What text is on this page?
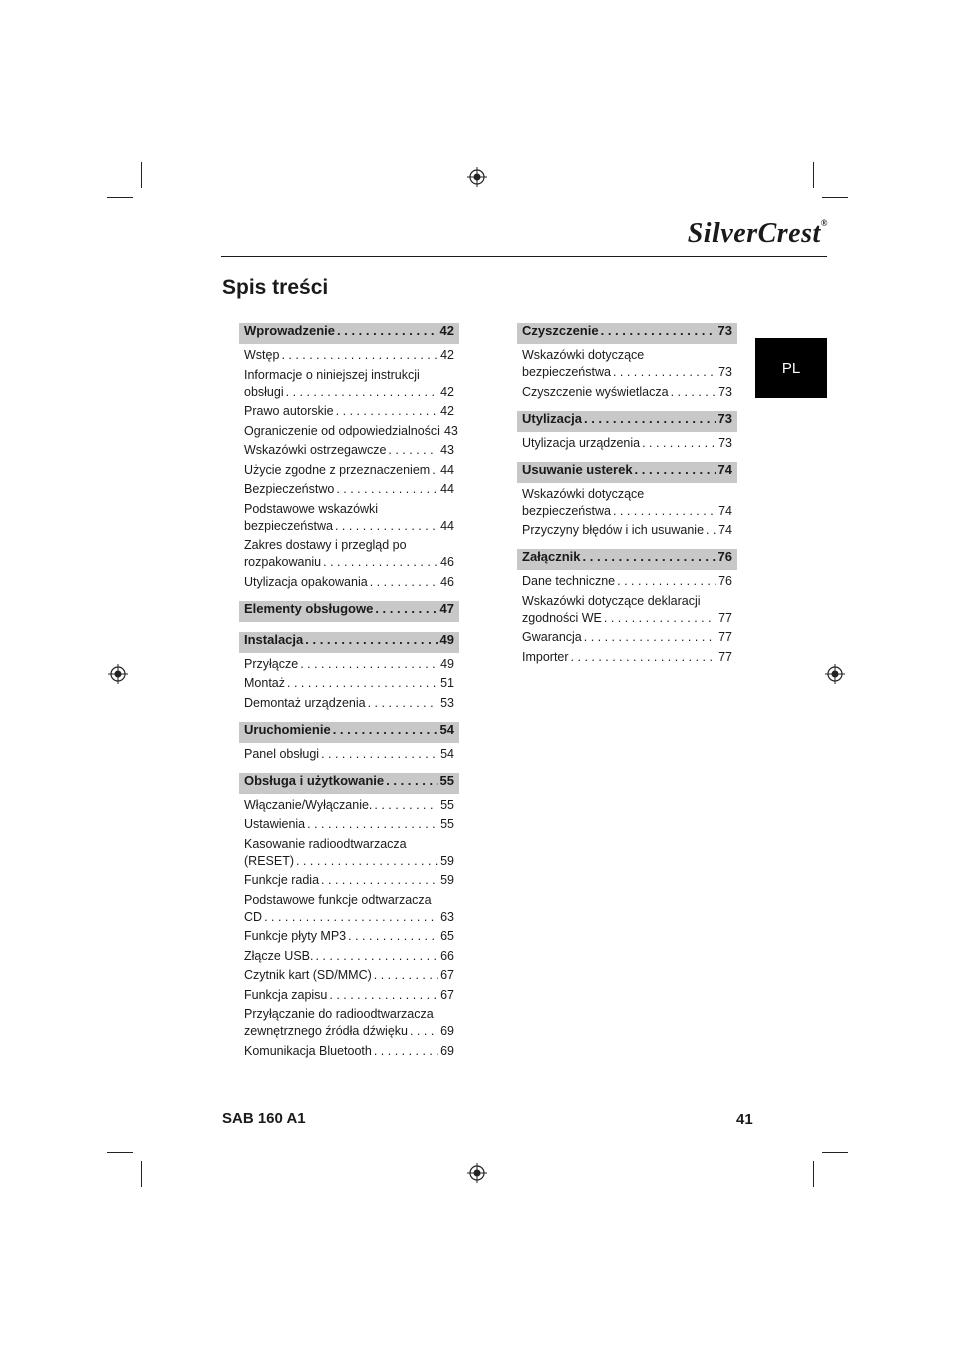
SilverCrest®
Spis treści
PL
Wprowadzenie . . .	42
Wstęp . . .	42
Informacje o niniejszej instrukcji
obsługi . . .	42
Prawo autorskie . . .	42
Ograniczenie od odpowiedzialności 43
Wskazówki ostrzegawcze . . .	43
Użycie zgodne z przeznaczeniem . . . 44
Bezpieczeństwo . . .	44
Podstawowe wskazówki
bezpieczeństwa . . .	44
Zakres dostawy i przegląd po
rozpakowaniu . . .	46
Utylizacja opakowania . . .	46
Elementy obsługowe . . .	47
Instalacja . . .	49
Przyłącze . . .	49
Montaż . . .	51
Demontaż urządzenia . . .	53
Uruchomienie . . .	54
Panel obsługi . . .	54
Obsługa i użytkowanie . . .	55
Włączanie/Wyłączanie. . . .	55
Ustawienia . . .	55
Kasowanie radioodtwarzacza
(RESET) . . .	59
Funkcje radia . . .	59
Podstawowe funkcje odtwarzacza
CD . . .	63
Funkcje płyty MP3 . . .	65
Złącze USB. . . .	66
Czytnik kart (SD/MMC) . . .	67
Funkcja zapisu . . .	67
Przyłączanie do radioodtwarzacza
zewnętrznego źródła dźwięku . . .	69
Komunikacja Bluetooth . . .	69
Czyszczenie . . .	73
Wskazówki dotyczące
bezpieczeństwa . . .	73
Czyszczenie wyświetlacza . . .	73
Utylizacja . . .	73
Utylizacja urządzenia . . .	73
Usuwanie usterek . . .	74
Wskazówki dotyczące
bezpieczeństwa . . .	74
Przyczyny błędów i ich usuwanie . . . 74
Załącznik . . .	76
Dane techniczne . . .	76
Wskazówki dotyczące deklaracji
zgodności WE . . .	77
Gwarancja . . .	77
Importer . . .	77
SAB 160 A1	41
